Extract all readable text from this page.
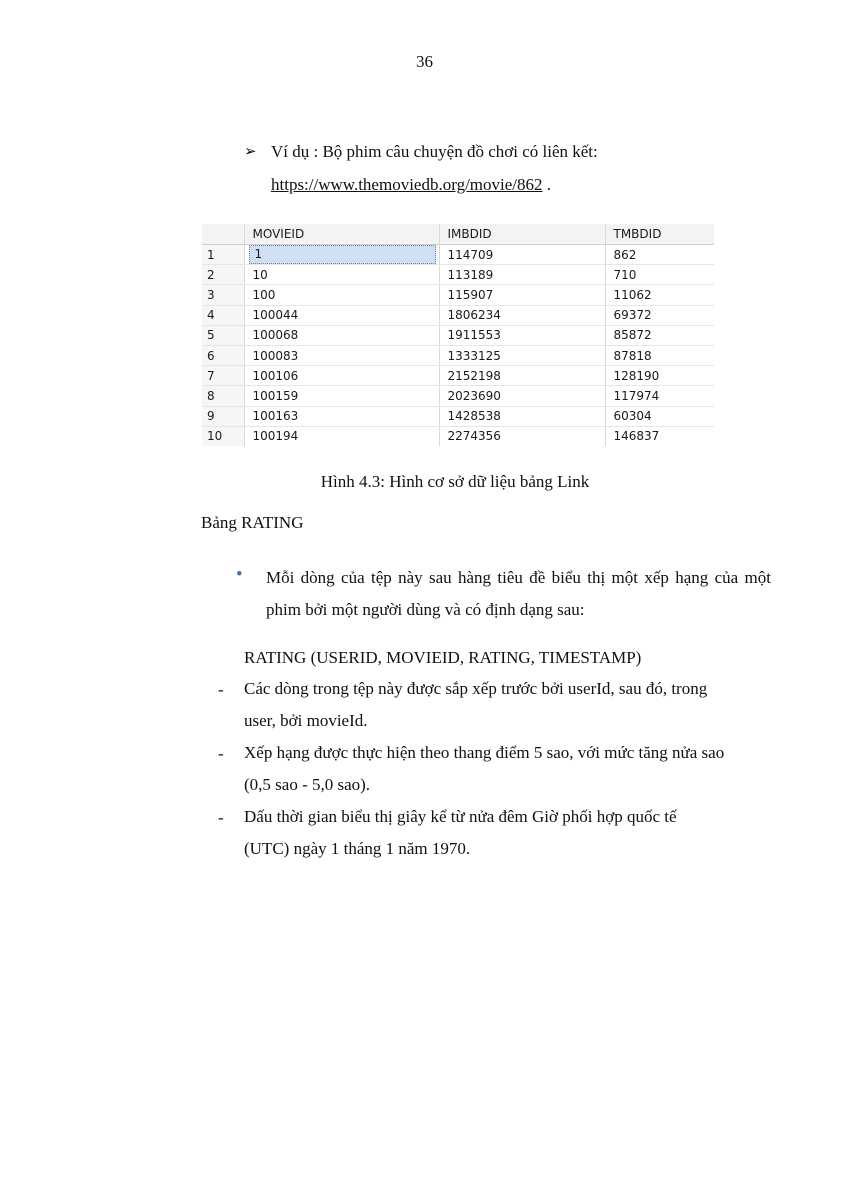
36
➢ Ví dụ : Bộ phim câu chuyện đồ chơi có liên kết:
https://www.themoviedb.org/movie/862 .
	MOVIEID	IMBDID	TMBDID
1	1	114709	862
2	10	113189	710
3	100	115907	11062
4	100044	1806234	69372
5	100068	1911553	85872
6	100083	1333125	87818
7	100106	2152198	128190
8	100159	2023690	117974
9	100163	1428538	60304
10	100194	2274356	146837
Hình 4.3: Hình cơ sở dữ liệu bảng Link
Bảng RATING
• Mỗi dòng của tệp này sau hàng tiêu đề biểu thị một xếp hạng của một phim bởi một người dùng và có định dạng sau:
RATING (USERID, MOVIEID, RATING, TIMESTAMP)
- Các dòng trong tệp này được sắp xếp trước bởi userId, sau đó, trong
user, bởi movieId.
- Xếp hạng được thực hiện theo thang điểm 5 sao, với mức tăng nửa sao
(0,5 sao - 5,0 sao).
- Dấu thời gian biểu thị giây kể từ nửa đêm Giờ phối hợp quốc tế
(UTC) ngày 1 tháng 1 năm 1970.
